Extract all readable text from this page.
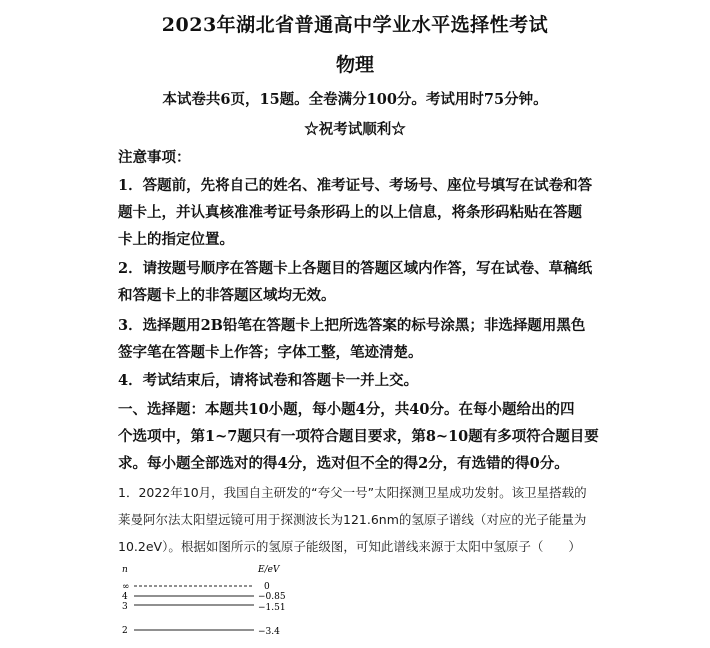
2023年湖北省普通高中学业水平选择性考试
物理
本试卷共6页，15题。全卷满分100分。考试用时75分钟。
☆祝考试顺利☆
注意事项：
1．答题前，先将自己的姓名、准考证号、考场号、座位号填写在试卷和答
题卡上，并认真核准准考证号条形码上的以上信息，将条形码粘贴在答题
卡上的指定位置。
2．请按题号顺序在答题卡上各题目的答题区域内作答，写在试卷、草稿纸
和答题卡上的非答题区域均无效。
3．选择题用2B铅笔在答题卡上把所选答案的标号涂黑；非选择题用黑色
签字笔在答题卡上作答；字体工整，笔迹清楚。
4．考试结束后，请将试卷和答题卡一并上交。
一、选择题：本题共10小题，每小题4分，共40分。在每小题给出的四
个选项中，第1~7题只有一项符合题目要求，第8~10题有多项符合题目要
求。每小题全部选对的得4分，选对但不全的得2分，有选错的得0分。
1．2022年10月，我国自主研发的“夸父一号”太阳探测卫星成功发射。该卫星搭载的
莱曼阿尔法太阳望远镜可用于探测波长为121.6nm的氢原子谱线（对应的光子能量为
10.2eV）。根据如图所示的氢原子能级图，可知此谱线来源于太阳中氢原子（　　）
n	E/eV
∞	0
4	−0.85
3	−1.51
2	−3.4
